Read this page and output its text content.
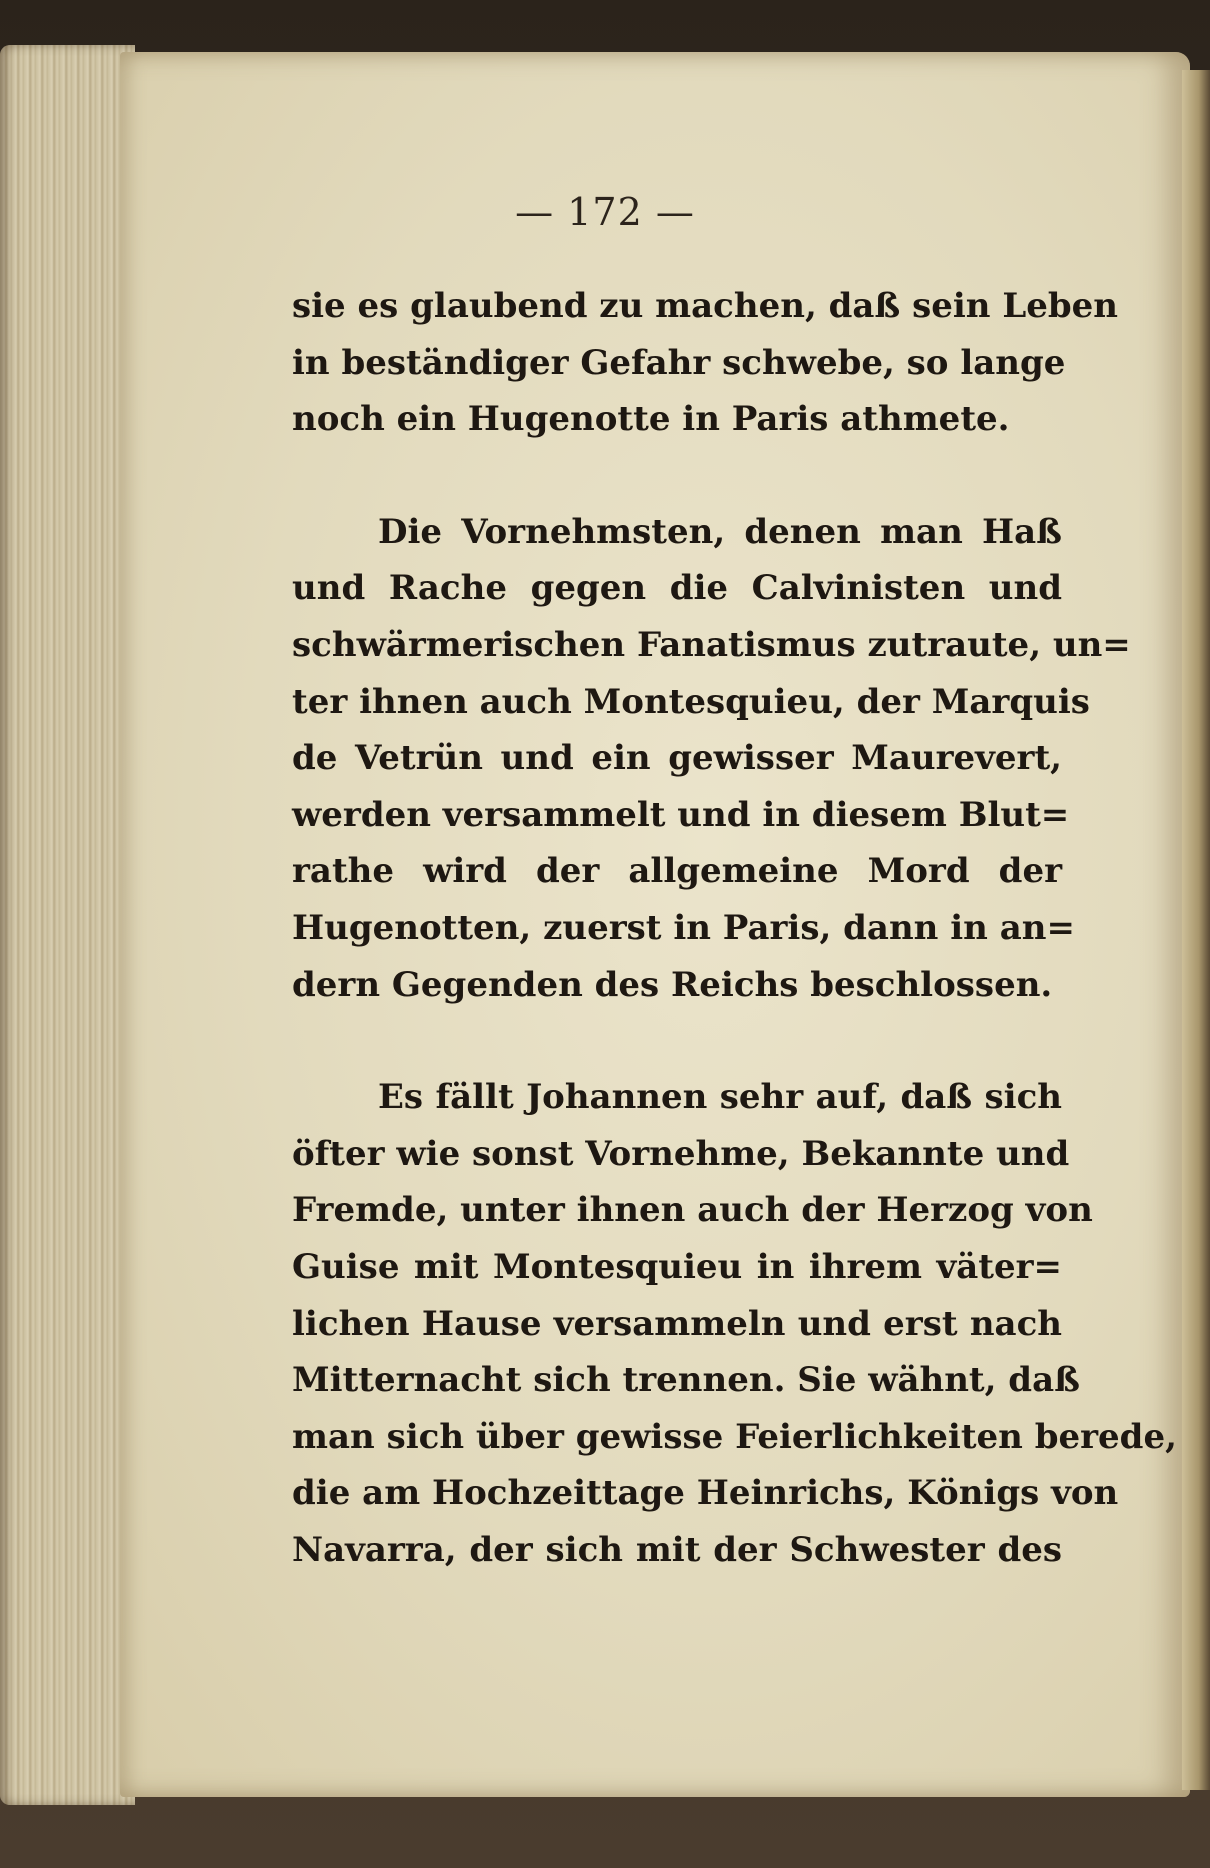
— 172 —
sie es glaubend zu machen, daß sein Leben
in beständiger Gefahr schwebe, so lange
noch ein Hugenotte in Paris athmete.
Die Vornehmsten, denen man Haß
und Rache gegen die Calvinisten und
schwärmerischen Fanatismus zutraute, un=
ter ihnen auch Montesquieu, der Marquis
de Vetrün und ein gewisser Maurevert,
werden versammelt und in diesem Blut=
rathe wird der allgemeine Mord der
Hugenotten, zuerst in Paris, dann in an=
dern Gegenden des Reichs beschlossen.
Es fällt Johannen sehr auf, daß sich
öfter wie sonst Vornehme, Bekannte und
Fremde, unter ihnen auch der Herzog von
Guise mit Montesquieu in ihrem väter=
lichen Hause versammeln und erst nach
Mitternacht sich trennen. Sie wähnt, daß
man sich über gewisse Feierlichkeiten berede,
die am Hochzeittage Heinrichs, Königs von
Navarra, der sich mit der Schwester des
